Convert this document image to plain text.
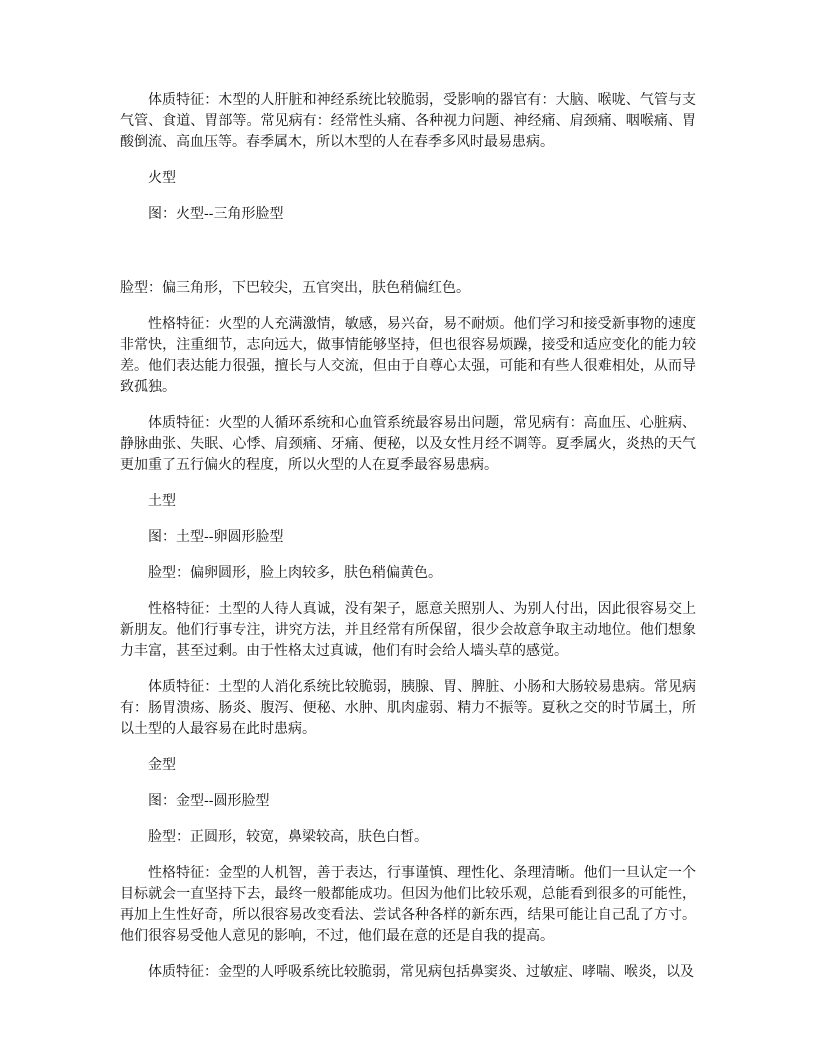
体质特征：木型的人肝脏和神经系统比较脆弱，受影响的器官有：大脑、喉咙、气管与支气管、食道、胃部等。常见病有：经常性头痛、各种视力问题、神经痛、肩颈痛、咽喉痛、胃酸倒流、高血压等。春季属木，所以木型的人在春季多风时最易患病。

火型

图：火型--三角形脸型

脸型：偏三角形，下巴较尖，五官突出，肤色稍偏红色。

性格特征：火型的人充满激情，敏感，易兴奋，易不耐烦。他们学习和接受新事物的速度非常快，注重细节，志向远大，做事情能够坚持，但也很容易烦躁，接受和适应变化的能力较差。他们表达能力很强，擅长与人交流，但由于自尊心太强，可能和有些人很难相处，从而导致孤独。

体质特征：火型的人循环系统和心血管系统最容易出问题，常见病有：高血压、心脏病、静脉曲张、失眠、心悸、肩颈痛、牙痛、便秘，以及女性月经不调等。夏季属火，炎热的天气更加重了五行偏火的程度，所以火型的人在夏季最容易患病。

土型

图：土型--卵圆形脸型

脸型：偏卵圆形，脸上肉较多，肤色稍偏黄色。

性格特征：土型的人待人真诚，没有架子，愿意关照别人、为别人付出，因此很容易交上新朋友。他们行事专注，讲究方法，并且经常有所保留，很少会故意争取主动地位。他们想象力丰富，甚至过剩。由于性格太过真诚，他们有时会给人墙头草的感觉。

体质特征：土型的人消化系统比较脆弱，胰腺、胃、脾脏、小肠和大肠较易患病。常见病有：肠胃溃疡、肠炎、腹泻、便秘、水肿、肌肉虚弱、精力不振等。夏秋之交的时节属土，所以土型的人最容易在此时患病。

金型

图：金型--圆形脸型

脸型：正圆形，较宽，鼻梁较高，肤色白皙。

性格特征：金型的人机智，善于表达，行事谨慎、理性化、条理清晰。他们一旦认定一个目标就会一直坚持下去，最终一般都能成功。但因为他们比较乐观，总能看到很多的可能性，再加上生性好奇，所以很容易改变看法、尝试各种各样的新东西，结果可能让自己乱了方寸。他们很容易受他人意见的影响，不过，他们最在意的还是自我的提高。

体质特征：金型的人呼吸系统比较脆弱，常见病包括鼻窦炎、过敏症、哮喘、喉炎，以及
